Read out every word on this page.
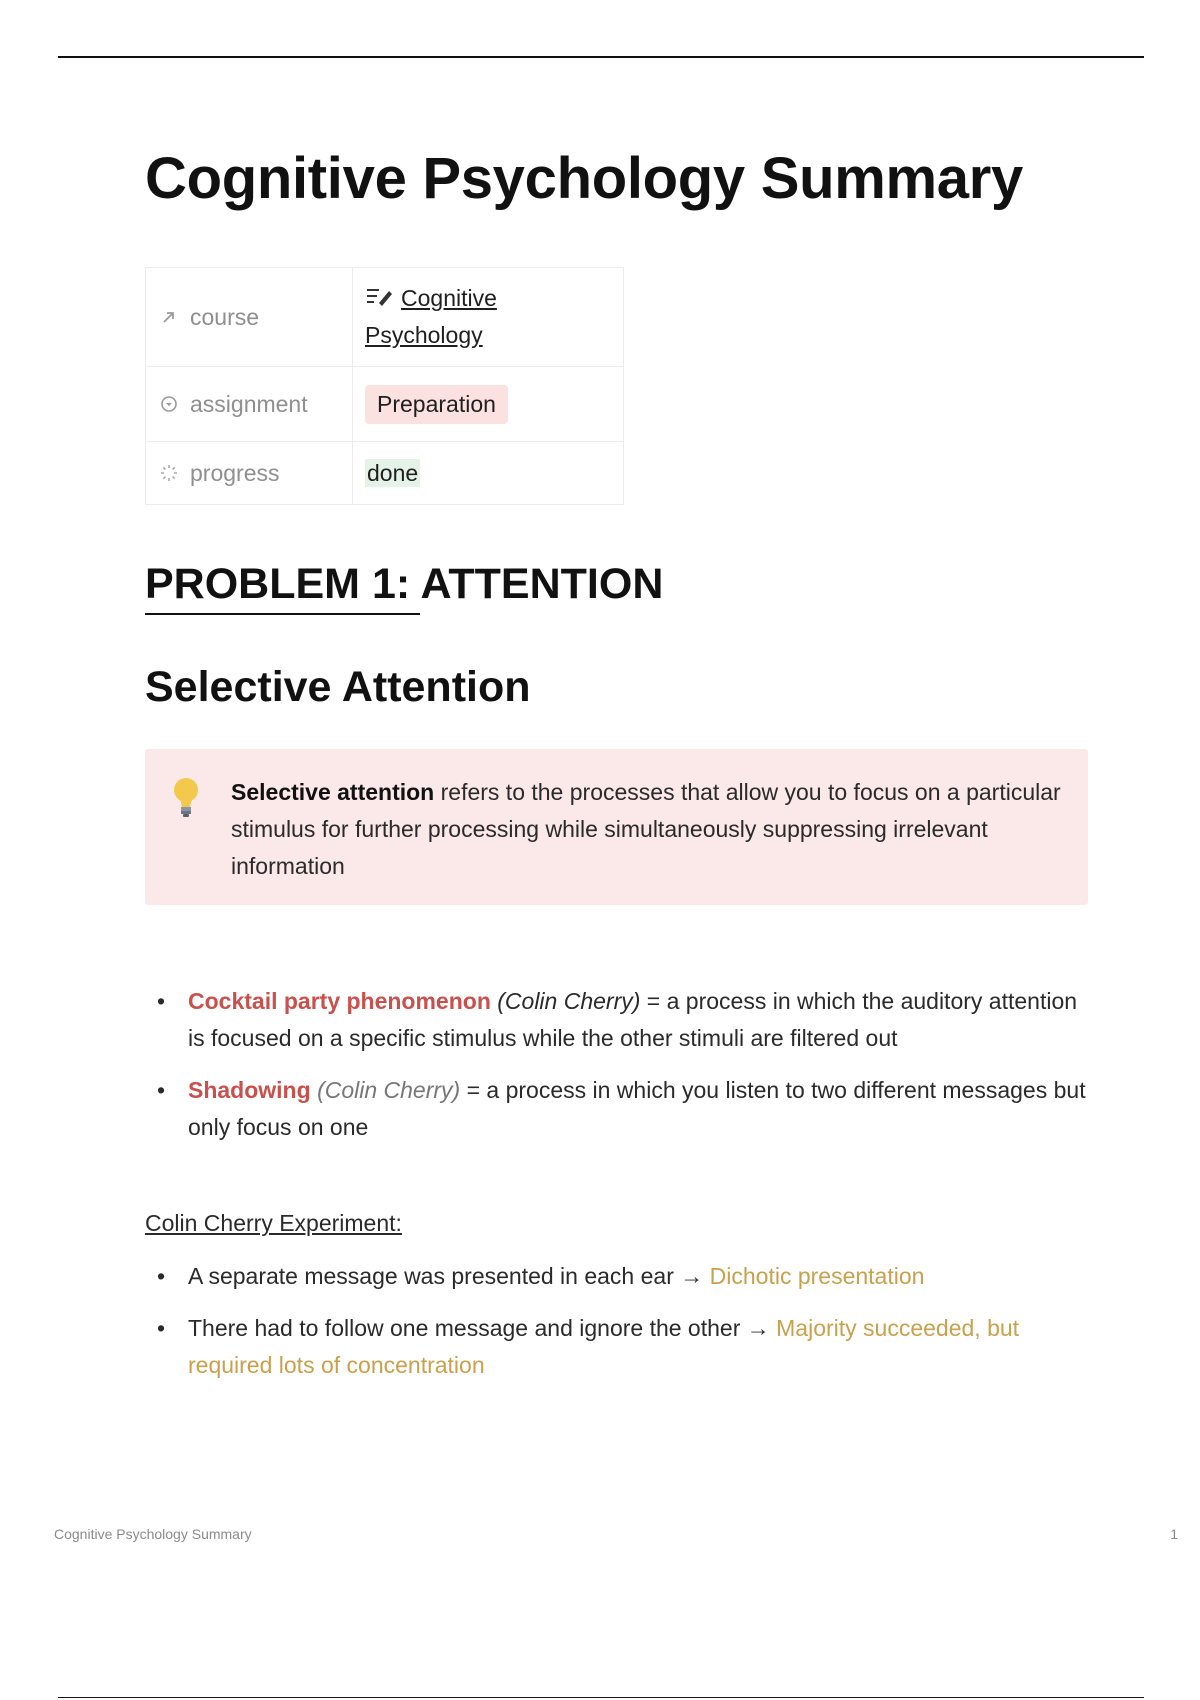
Cognitive Psychology Summary
course	Cognitive
Psychology

assignment	Preparation

progress	done
PROBLEM 1: ATTENTION
Selective Attention
Selective attention refers to the processes that allow you to focus on a particular stimulus for further processing while simultaneously suppressing irrelevant information
• Cocktail party phenomenon (Colin Cherry) = a process in which the auditory attention is focused on a specific stimulus while the other stimuli are filtered out
• Shadowing (Colin Cherry) = a process in which you listen to two different messages but only focus on one
Colin Cherry Experiment:
• A separate message was presented in each ear → Dichotic presentation
• There had to follow one message and ignore the other → Majority succeeded, but required lots of concentration
Cognitive Psychology Summary	1
